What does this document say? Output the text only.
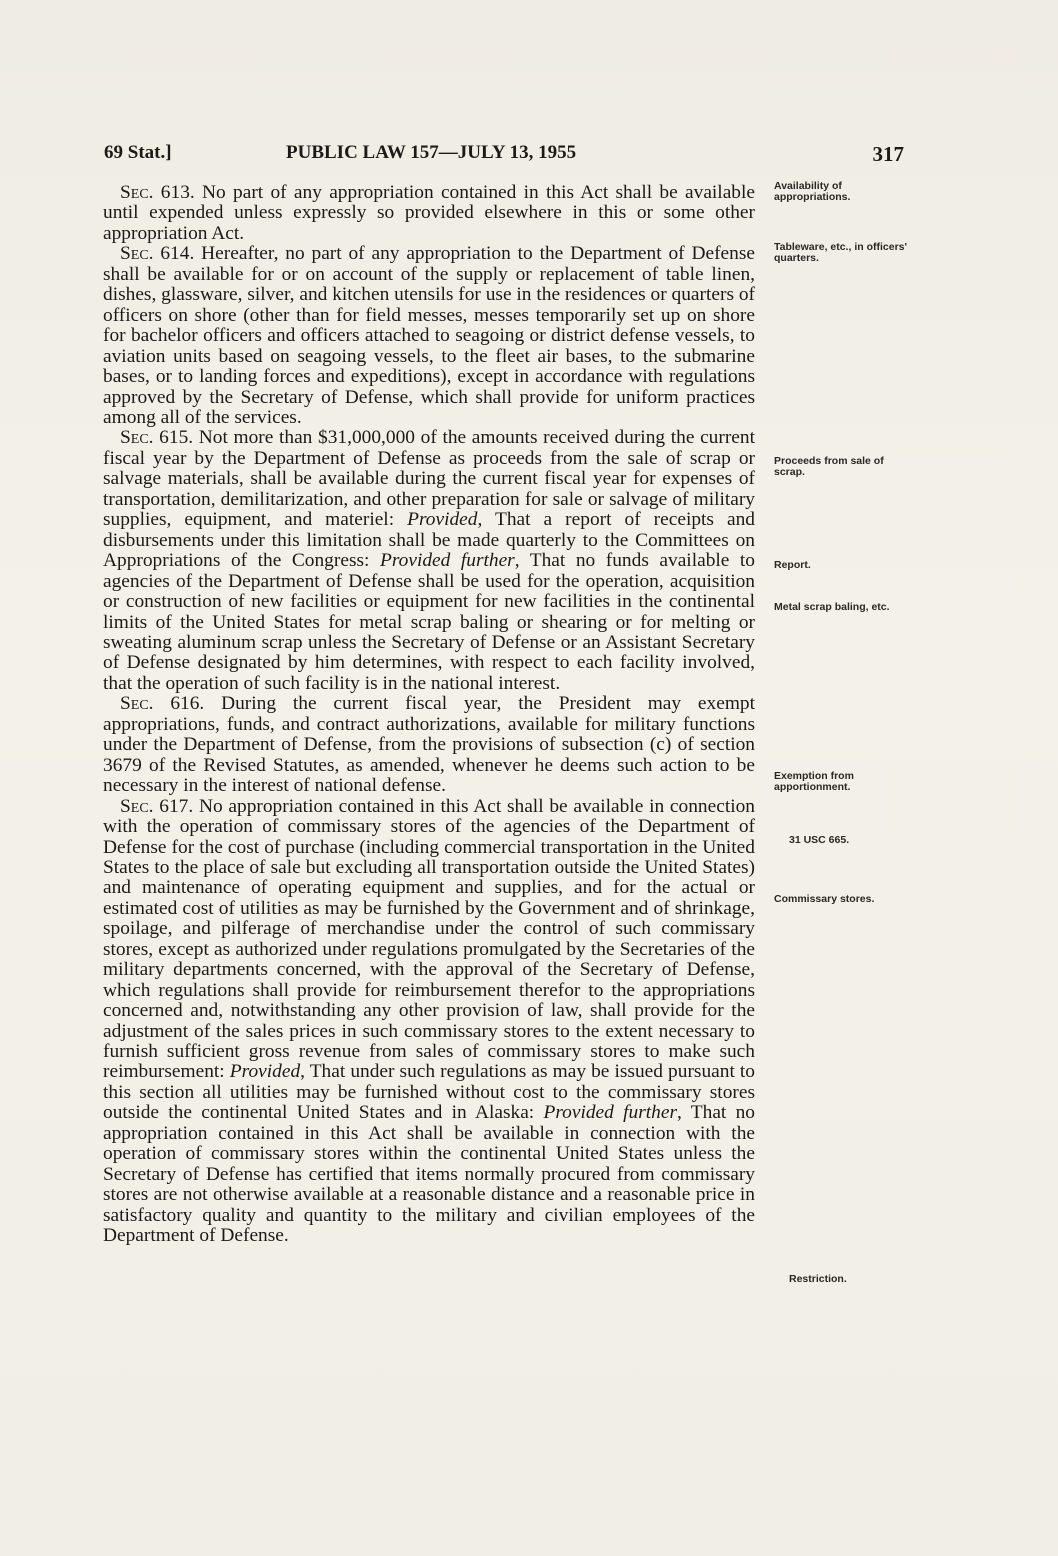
69 Stat.]	PUBLIC LAW 157—JULY 13, 1955	317

Sec. 613. No part of any appropriation contained in this Act shall be available until expended unless expressly so provided elsewhere in this or some other appropriation Act.

Sec. 614. Hereafter, no part of any appropriation to the Department of Defense shall be available for or on account of the supply or replacement of table linen, dishes, glassware, silver, and kitchen utensils for use in the residences or quarters of officers on shore (other than for field messes, messes temporarily set up on shore for bachelor officers and officers attached to seagoing or district defense vessels, to aviation units based on seagoing vessels, to the fleet air bases, to the submarine bases, or to landing forces and expeditions), except in accordance with regulations approved by the Secretary of Defense, which shall provide for uniform practices among all of the services.

Sec. 615. Not more than $31,000,000 of the amounts received during the current fiscal year by the Department of Defense as proceeds from the sale of scrap or salvage materials, shall be available during the current fiscal year for expenses of transportation, demilitarization, and other preparation for sale or salvage of military supplies, equipment, and materiel: Provided, That a report of receipts and disbursements under this limitation shall be made quarterly to the Committees on Appropriations of the Congress: Provided further, That no funds available to agencies of the Department of Defense shall be used for the operation, acquisition or construction of new facilities or equipment for new facilities in the continental limits of the United States for metal scrap baling or shearing or for melting or sweating aluminum scrap unless the Secretary of Defense or an Assistant Secretary of Defense designated by him determines, with respect to each facility involved, that the operation of such facility is in the national interest.

Sec. 616. During the current fiscal year, the President may exempt appropriations, funds, and contract authorizations, available for military functions under the Department of Defense, from the provisions of subsection (c) of section 3679 of the Revised Statutes, as amended, whenever he deems such action to be necessary in the interest of national defense.

Sec. 617. No appropriation contained in this Act shall be available in connection with the operation of commissary stores of the agencies of the Department of Defense for the cost of purchase (including commercial transportation in the United States to the place of sale but excluding all transportation outside the United States) and maintenance of operating equipment and supplies, and for the actual or estimated cost of utilities as may be furnished by the Government and of shrinkage, spoilage, and pilferage of merchandise under the control of such commissary stores, except as authorized under regulations promulgated by the Secretaries of the military departments concerned, with the approval of the Secretary of Defense, which regulations shall provide for reimbursement therefor to the appropriations concerned and, notwithstanding any other provision of law, shall provide for the adjustment of the sales prices in such commissary stores to the extent necessary to furnish sufficient gross revenue from sales of commissary stores to make such reimbursement: Provided, That under such regulations as may be issued pursuant to this section all utilities may be furnished without cost to the commissary stores outside the continental United States and in Alaska: Provided further, That no appropriation contained in this Act shall be available in connection with the operation of commissary stores within the continental United States unless the Secretary of Defense has certified that items normally procured from commissary stores are not otherwise available at a reasonable distance and a reasonable price in satisfactory quality and quantity to the military and civilian employees of the Department of Defense.

Availability of appropriations.
Tableware, etc., in officers' quarters.
Proceeds from sale of scrap.
Report.
Metal scrap baling, etc.
Exemption from apportionment.
31 USC 665.
Commissary stores.
Restriction.
